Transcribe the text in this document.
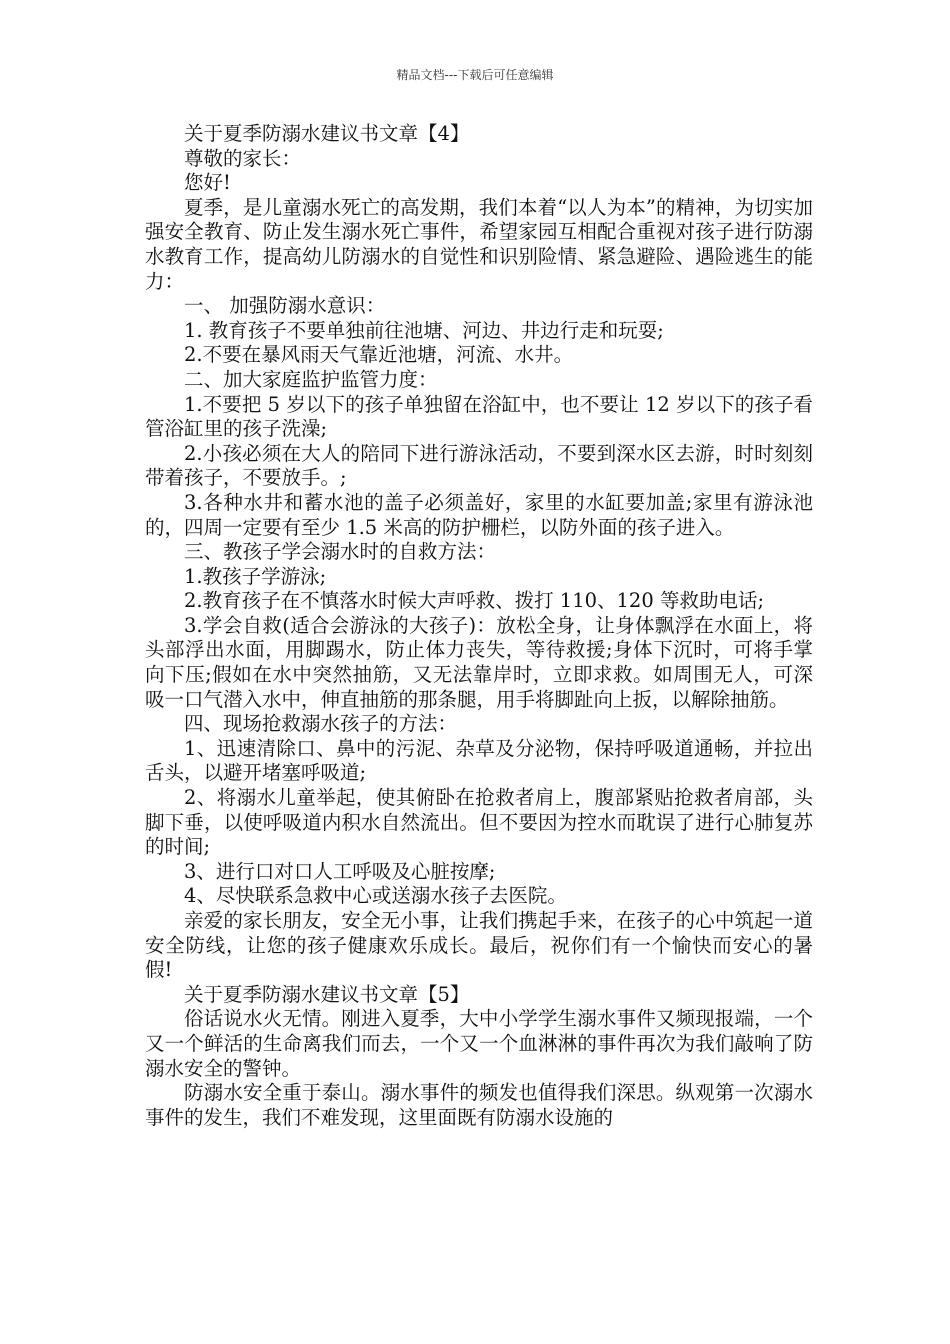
精品文档---下载后可任意编辑

关于夏季防溺水建议书文章【4】

尊敬的家长：

您好!

夏季，是儿童溺水死亡的高发期，我们本着“以人为本”的精神，为切实加强安全教育、防止发生溺水死亡事件，希望家园互相配合重视对孩子进行防溺水教育工作，提高幼儿防溺水的自觉性和识别险情、紧急避险、遇险逃生的能力：

一、 加强防溺水意识：

1. 教育孩子不要单独前往池塘、河边、井边行走和玩耍;

2.不要在暴风雨天气靠近池塘，河流、水井。

二、加大家庭监护监管力度：

1.不要把 5 岁以下的孩子单独留在浴缸中，也不要让 12 岁以下的孩子看管浴缸里的孩子洗澡;

2.小孩必须在大人的陪同下进行游泳活动，不要到深水区去游，时时刻刻带着孩子，不要放手。;

3.各种水井和蓄水池的盖子必须盖好，家里的水缸要加盖;家里有游泳池的，四周一定要有至少 1.5 米高的防护栅栏，以防外面的孩子进入。

三、教孩子学会溺水时的自救方法：

1.教孩子学游泳;

2.教育孩子在不慎落水时候大声呼救、拨打 110、120 等救助电话;

3.学会自救(适合会游泳的大孩子)：放松全身，让身体飘浮在水面上，将头部浮出水面，用脚踢水，防止体力丧失，等待救援;身体下沉时，可将手掌向下压;假如在水中突然抽筋，又无法靠岸时，立即求救。如周围无人，可深吸一口气潜入水中，伸直抽筋的那条腿，用手将脚趾向上扳，以解除抽筋。

四、现场抢救溺水孩子的方法：

1、迅速清除口、鼻中的污泥、杂草及分泌物，保持呼吸道通畅，并拉出舌头，以避开堵塞呼吸道;

2、将溺水儿童举起，使其俯卧在抢救者肩上，腹部紧贴抢救者肩部，头脚下垂，以使呼吸道内积水自然流出。但不要因为控水而耽误了进行心肺复苏的时间;

3、进行口对口人工呼吸及心脏按摩;

4、尽快联系急救中心或送溺水孩子去医院。

亲爱的家长朋友，安全无小事，让我们携起手来，在孩子的心中筑起一道安全防线，让您的孩子健康欢乐成长。最后，祝你们有一个愉快而安心的暑假!

关于夏季防溺水建议书文章【5】

俗话说水火无情。刚进入夏季，大中小学学生溺水事件又频现报端，一个又一个鲜活的生命离我们而去，一个又一个血淋淋的事件再次为我们敲响了防溺水安全的警钟。

防溺水安全重于泰山。溺水事件的频发也值得我们深思。纵观第一次溺水事件的发生，我们不难发现，这里面既有防溺水设施的
